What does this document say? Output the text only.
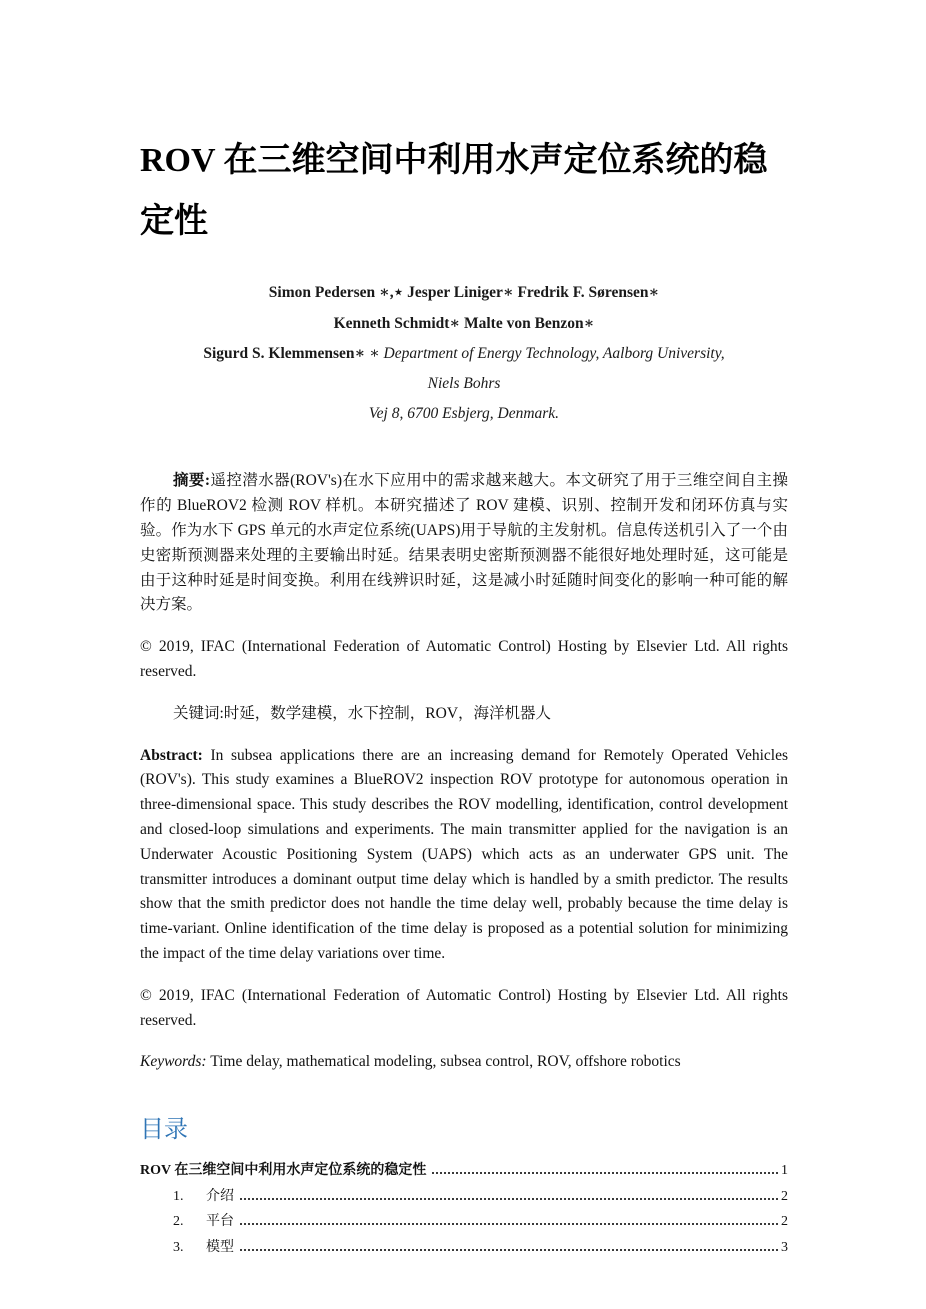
ROV 在三维空间中利用水声定位系统的稳定性
Simon Pedersen ∗,⋆ Jesper Liniger∗ Fredrik F. Sørensen∗
Kenneth Schmidt∗ Malte von Benzon∗
Sigurd S. Klemmensen∗ ∗ Department of Energy Technology, Aalborg University,
Niels Bohrs
Vej 8, 6700 Esbjerg, Denmark.

摘要:遥控潜水器(ROV's)在水下应用中的需求越来越大。本文研究了用于三维空间自主操作的 BlueROV2 检测 ROV 样机。本研究描述了 ROV 建模、识别、控制开发和闭环仿真与实验。作为水下 GPS 单元的水声定位系统(UAPS)用于导航的主发射机。信息传送机引入了一个由史密斯预测器来处理的主要输出时延。结果表明史密斯预测器不能很好地处理时延，这可能是由于这种时延是时间变换。利用在线辨识时延，这是减小时延随时间变化的影响一种可能的解决方案。

© 2019, IFAC (International Federation of Automatic Control) Hosting by Elsevier Ltd. All rights reserved.

关键词:时延，数学建模，水下控制，ROV，海洋机器人

Abstract: In subsea applications there are an increasing demand for Remotely Operated Vehicles (ROV's). This study examines a BlueROV2 inspection ROV prototype for autonomous operation in three-dimensional space. This study describes the ROV modelling, identification, control development and closed-loop simulations and experiments. The main transmitter applied for the navigation is an Underwater Acoustic Positioning System (UAPS) which acts as an underwater GPS unit. The transmitter introduces a dominant output time delay which is handled by a smith predictor. The results show that the smith predictor does not handle the time delay well, probably because the time delay is time-variant. Online identification of the time delay is proposed as a potential solution for minimizing the impact of the time delay variations over time.

© 2019, IFAC (International Federation of Automatic Control) Hosting by Elsevier Ltd. All rights reserved.

Keywords: Time delay, mathematical modeling, subsea control, ROV, offshore robotics

目录
ROV 在三维空间中利用水声定位系统的稳定性	1
1.	介绍	2
2.	平台	2
3.	模型	3
